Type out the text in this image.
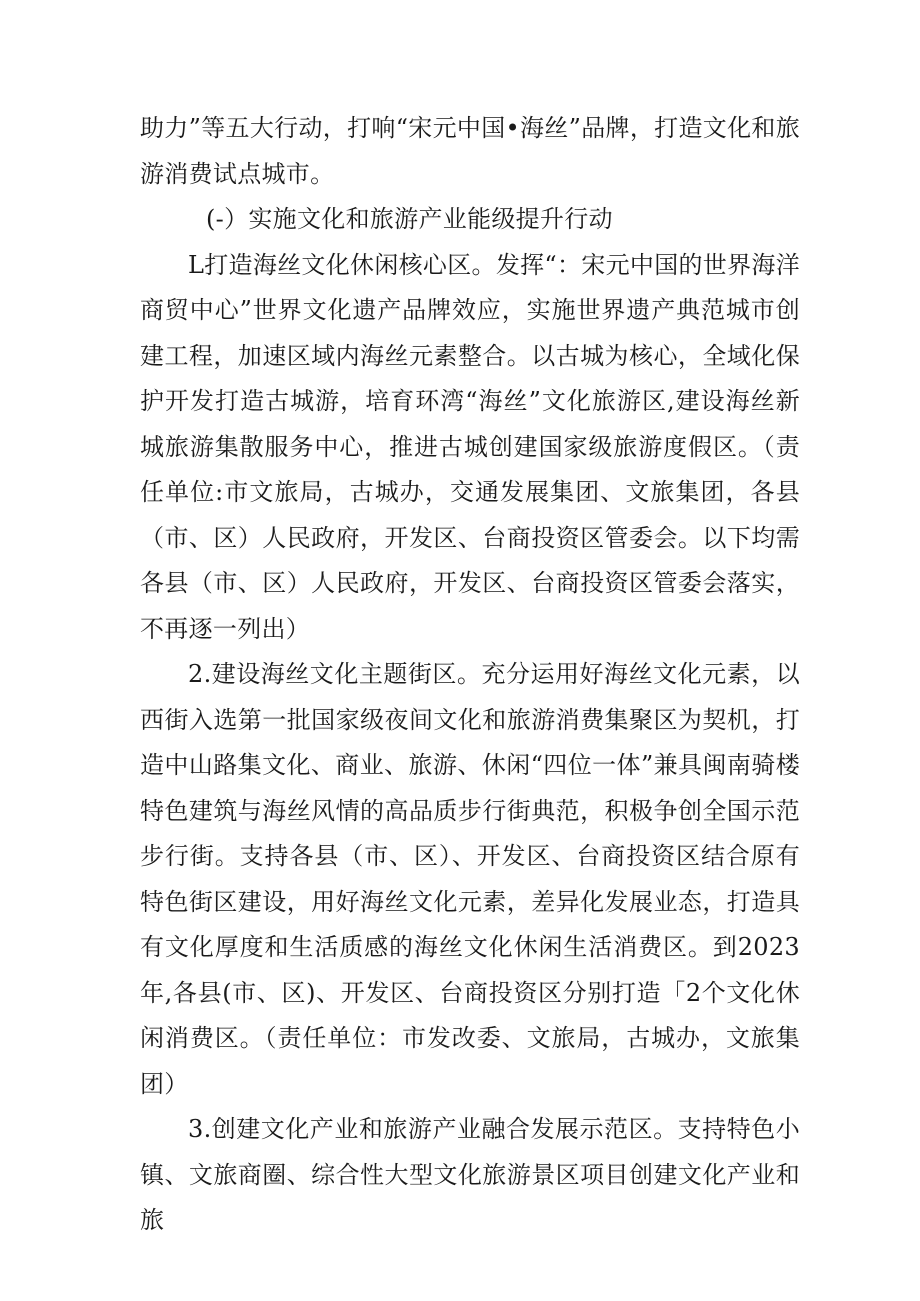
助力”等五大行动，打响“宋元中国•海丝”品牌，打造文化和旅游消费试点城市。

(-）实施文化和旅游产业能级提升行动

L打造海丝文化休闲核心区。发挥“：宋元中国的世界海洋商贸中心”世界文化遗产品牌效应，实施世界遗产典范城市创建工程，加速区域内海丝元素整合。以古城为核心，全域化保护开发打造古城游，培育环湾“海丝”文化旅游区,建设海丝新城旅游集散服务中心，推进古城创建国家级旅游度假区。（责任单位:市文旅局，古城办，交通发展集团、文旅集团，各县（市、区）人民政府，开发区、台商投资区管委会。以下均需各县（市、区）人民政府，开发区、台商投资区管委会落实，不再逐一列出）

2.建设海丝文化主题街区。充分运用好海丝文化元素，以西街入选第一批国家级夜间文化和旅游消费集聚区为契机，打造中山路集文化、商业、旅游、休闲“四位一体”兼具闽南骑楼特色建筑与海丝风情的高品质步行街典范，积极争创全国示范步行街。支持各县（市、区）、开发区、台商投资区结合原有特色街区建设，用好海丝文化元素，差异化发展业态，打造具有文化厚度和生活质感的海丝文化休闲生活消费区。到2023年,各县(市、区)、开发区、台商投资区分别打造「2个文化休闲消费区。（责任单位：市发改委、文旅局，古城办，文旅集团）

3.创建文化产业和旅游产业融合发展示范区。支持特色小镇、文旅商圈、综合性大型文化旅游景区项目创建文化产业和旅
